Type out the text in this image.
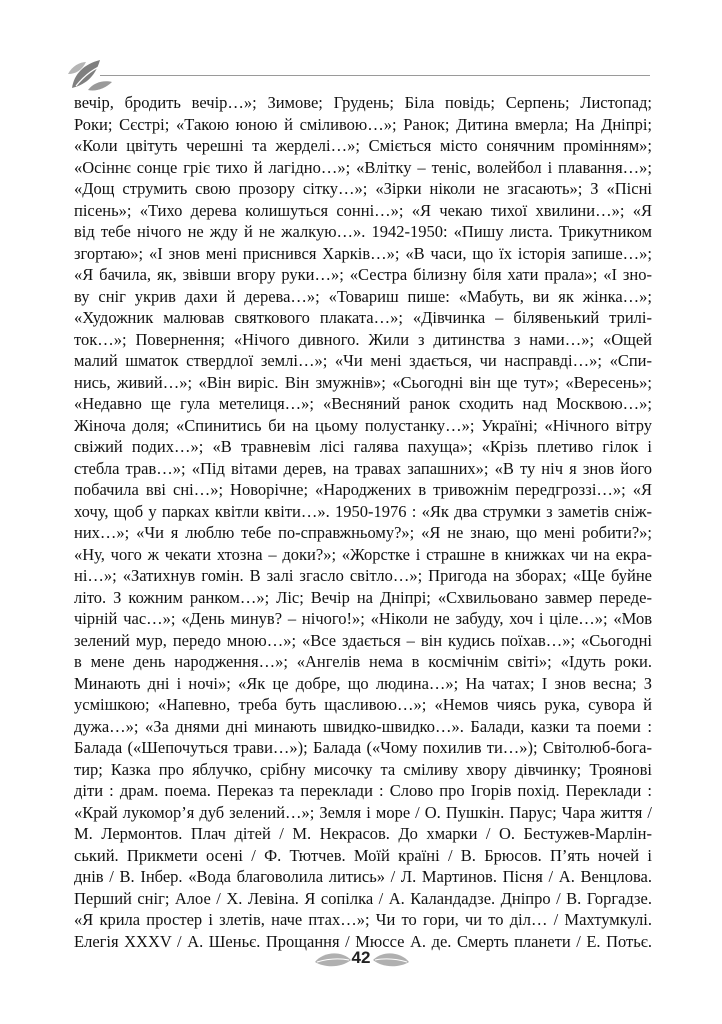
вечір, бродить вечір…»; Зимове; Грудень; Біла повідь; Серпень; Листопад;
Роки; Сєстрі; «Такою юною й сміливою…»; Ранок; Дитина вмерла; На Дніпрі;
«Коли цвітуть черешні та жерделі…»; Сміється місто сонячним промінням»;
«Осіннє сонце гріє тихо й лагідно…»; «Влітку – теніс, волейбол і плавання…»;
«Дощ струмить свою прозору сітку…»; «Зірки ніколи не згасають»; З «Пісні
пісень»; «Тихо дерева колишуться сонні…»; «Я чекаю тихої хвилини…»; «Я
від тебе нічого не жду й не жалкую…». 1942-1950: «Пишу листа. Трикутником
згортаю»; «І знов мені приснився Харків…»; «В часи, що їх історія запише…»;
«Я бачила, як, звівши вгору руки…»; «Сестра білизну біля хати прала»; «І зно-
ву сніг укрив дахи й дерева…»; «Товариш пише: «Мабуть, ви як жінка…»;
«Художник малював святкового плаката…»; «Дівчинка – білявенький трилі-
ток…»; Повернення; «Нічого дивного. Жили з дитинства з нами…»; «Ощей
малий шматок ствердлої землі…»; «Чи мені здається, чи насправді…»; «Спи-
нись, живий…»; «Він виріс. Він змужнів»; «Сьогодні він ще тут»; «Вересень»;
«Недавно ще гула метелиця…»; «Весняний ранок сходить над Москвою…»;
Жіноча доля; «Спинитись би на цьому полустанку…»; Україні; «Нічного вітру
свіжий подих…»; «В травневім лісі галява пахуща»; «Крізь плетиво гілок і
стебла трав…»; «Під вітами дерев, на травах запашних»; «В ту ніч я знов його
побачила вві сні…»; Новорічне; «Народжених в тривожнім передгроззі…»; «Я
хочу, щоб у парках квітли квіти…». 1950-1976 : «Як два струмки з заметів сніж-
них…»; «Чи я люблю тебе по-справжньому?»; «Я не знаю, що мені робити?»;
«Ну, чого ж чекати хтозна – доки?»; «Жорстке і страшне в книжках чи на екра-
ні…»; «Затихнув гомін. В залі згасло світло…»; Пригода на зборах; «Ще буйне
літо. З кожним ранком…»; Ліс; Вечір на Дніпрі; «Схвильовано завмер переде-
чірній час…»; «День минув? – нічого!»; «Ніколи не забуду, хоч і ціле…»; «Мов
зелений мур, передо мною…»; «Все здається – він кудись поїхав…»; «Сьогодні
в мене день народження…»; «Ангелів нема в космічнім світі»; «Ідуть роки.
Минають дні і ночі»; «Як це добре, що людина…»; На чатах; І знов весна; З
усмішкою; «Напевно, треба буть щасливою…»; «Немов чиясь рука, сувора й
дужа…»; «За днями дні минають швидко-швидко…». Балади, казки та поеми :
Балада («Шепочуться трави…»); Балада («Чому похилив ти…»); Світолюб-бога-
тир; Казка про яблучко, срібну мисочку та сміливу хвору дівчинку; Троянові
діти : драм. поема. Переказ та переклади : Слово про Ігорів похід. Переклади :
«Край лукомор’я дуб зелений…»; Земля і море / О. Пушкін. Парус; Чара життя /
М. Лермонтов. Плач дітей / М. Некрасов. До хмарки / О. Бестужев-Марлін-
ський. Прикмети осені / Ф. Тютчев. Моїй країні / В. Брюсов. П’ять ночей і
днів / В. Інбер. «Вода благоволила литись» / Л. Мартинов. Пісня / А. Венцлова.
Перший сніг; Алое / Х. Левіна. Я сопілка / А. Каландадзе. Дніпро / В. Горгадзе.
«Я крила простер і злетів, наче птах…»; Чи то гори, чи то діл… / Махтумкулі.
Елегія XXXV / А. Шеньє. Прощання / Мюссе А. де. Смерть планети / Е. Потьє.
42
